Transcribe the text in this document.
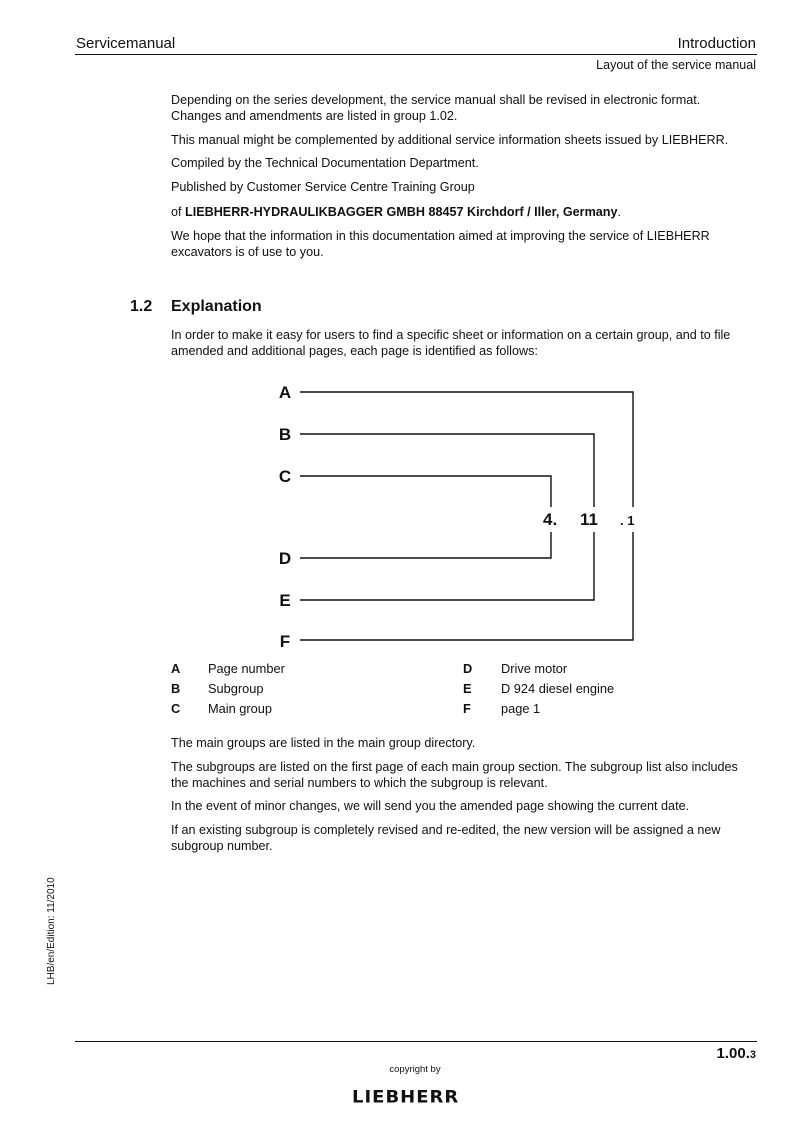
Servicemanual	Introduction
Layout of the service manual

Depending on the series development, the service manual shall be revised in electronic format.

Changes and amendments are listed in group 1.02.

This manual might be complemented by additional service information sheets issued by LIEBHERR.
Compiled by the Technical Documentation Department.
Published by Customer Service Centre Training Group
of LIEBHERR-HYDRAULIKBAGGER GMBH 88457 Kirchdorf / Iller, Germany.

We hope that the information in this documentation aimed at improving the service of LIEBHERR

excavators is of use to you.

1.2 Explanation

In order to make it easy for users to find a specific sheet or information on a certain group, and to file

amended and additional pages, each page is identified as follows:

A
B
C
D
E
F
4. 11 . 1
A Page number
B Subgroup
C Main group
D Drive motor
E D 924 diesel engine
F page 1
The main groups are listed in the main group directory.

The subgroups are listed on the first page of each main group section. The subgroup list also includes

the machines and serial numbers to which the subgroup is relevant.

In the event of minor changes, we will send you the amended page showing the current date.

If an existing subgroup is completely revised and re-edited, the new version will be assigned a new

subgroup number.

LHB/en/Edition: 11/2010
1.00.3
copyright by
LIEBHERR
